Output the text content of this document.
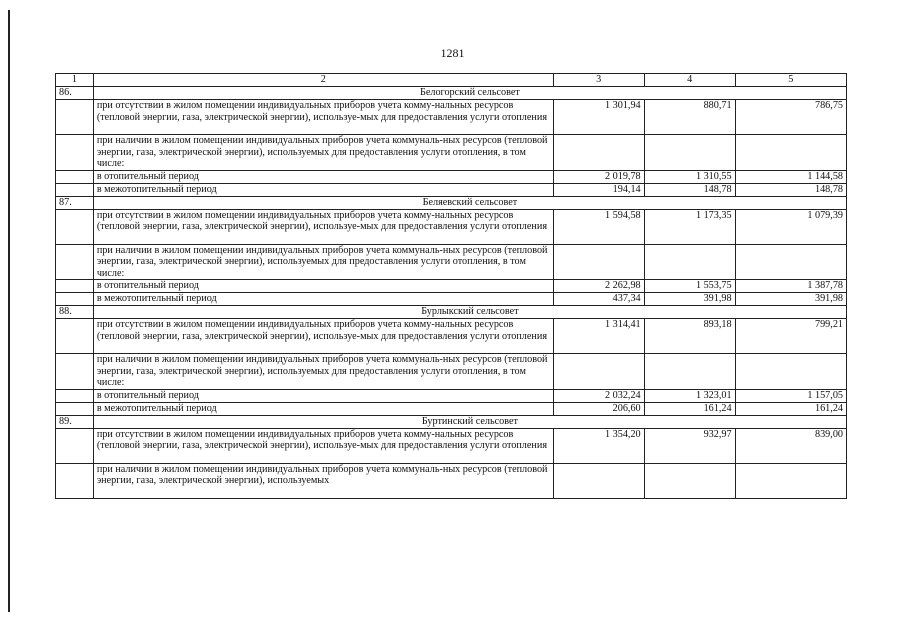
1281
1	2	3	4	5
86.	Белогорский сельсовет			
	при отсутствии в жилом помещении индивидуальных приборов учета комму-нальных ресурсов (тепловой энергии, газа, электрической энергии), используе-мых для предоставления услуги отопления	1 301,94	880,71	786,75
	при наличии в жилом помещении индивидуальных приборов учета коммуналь-ных ресурсов (тепловой энергии, газа, электрической энергии), используемых для предоставления услуги отопления, в том числе:			
	в отопительный период	2 019,78	1 310,55	1 144,58
	в межотопительный период	194,14	148,78	148,78
87.	Беляевский сельсовет			
	при отсутствии в жилом помещении индивидуальных приборов учета комму-нальных ресурсов (тепловой энергии, газа, электрической энергии), используе-мых для предоставления услуги отопления	1 594,58	1 173,35	1 079,39
	при наличии в жилом помещении индивидуальных приборов учета коммуналь-ных ресурсов (тепловой энергии, газа, электрической энергии), используемых для предоставления услуги отопления, в том числе:			
	в отопительный период	2 262,98	1 553,75	1 387,78
	в межотопительный период	437,34	391,98	391,98
88.	Бурлыкский сельсовет			
	при отсутствии в жилом помещении индивидуальных приборов учета комму-нальных ресурсов (тепловой энергии, газа, электрической энергии), используе-мых для предоставления услуги отопления	1 314,41	893,18	799,21
	при наличии в жилом помещении индивидуальных приборов учета коммуналь-ных ресурсов (тепловой энергии, газа, электрической энергии), используемых для предоставления услуги отопления, в том числе:			
	в отопительный период	2 032,24	1 323,01	1 157,05
	в межотопительный период	206,60	161,24	161,24
89.	Буртинский сельсовет			
	при отсутствии в жилом помещении индивидуальных приборов учета комму-нальных ресурсов (тепловой энергии, газа, электрической энергии), используе-мых для предоставления услуги отопления	1 354,20	932,97	839,00
	при наличии в жилом помещении индивидуальных приборов учета коммуналь-ных ресурсов (тепловой энергии, газа, электрической энергии), используемых			
